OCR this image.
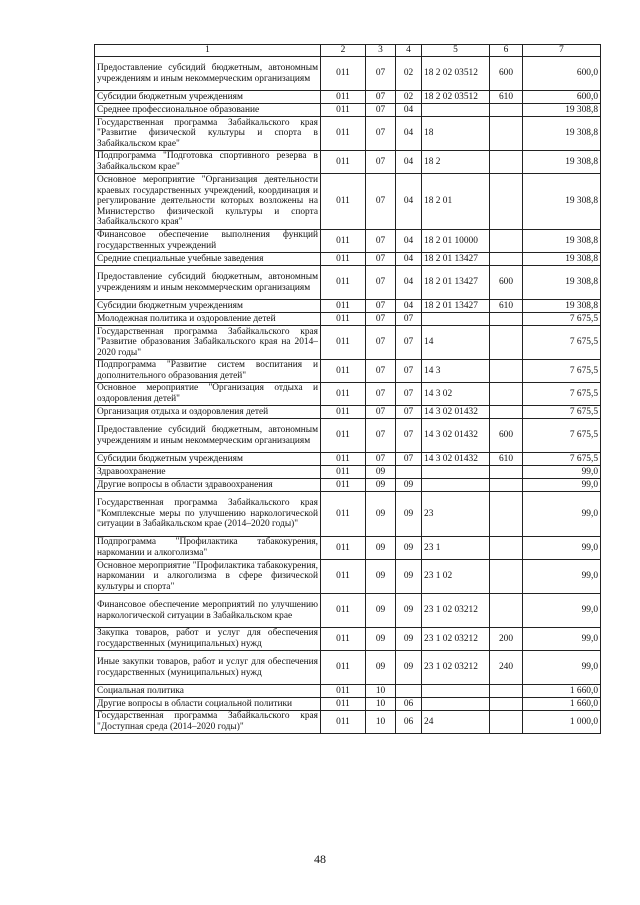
1	2	3	4	5	6	7
Предоставление субсидий бюджетным, автономным учреждениям и иным некоммерческим организациям	011	07	02	18 2 02 03512	600	600,0
Субсидии бюджетным учреждениям	011	07	02	18 2 02 03512	610	600,0
Среднее профессиональное образование	011	07	04			19 308,8
Государственная программа Забайкальского края "Развитие физической культуры и спорта в Забайкальском крае"	011	07	04	18		19 308,8
Подпрограмма "Подготовка спортивного резерва в Забайкальском крае"	011	07	04	18 2		19 308,8
Основное мероприятие "Организация деятельности краевых государственных учреждений, координация и регулирование деятельности которых возложены на Министерство физической культуры и спорта Забайкальского края"	011	07	04	18 2 01		19 308,8
Финансовое обеспечение выполнения функций государственных учреждений	011	07	04	18 2 01 10000		19 308,8
Средние специальные учебные заведения	011	07	04	18 2 01 13427		19 308,8
Предоставление субсидий бюджетным, автономным учреждениям и иным некоммерческим организациям	011	07	04	18 2 01 13427	600	19 308,8
Субсидии бюджетным учреждениям	011	07	04	18 2 01 13427	610	19 308,8
Молодежная политика и оздоровление детей	011	07	07			7 675,5
Государственная программа Забайкальского края "Развитие образования Забайкальского края на 2014–2020 годы"	011	07	07	14		7 675,5
Подпрограмма "Развитие систем воспитания и дополнительного образования детей"	011	07	07	14 3		7 675,5
Основное мероприятие "Организация отдыха и оздоровления детей"	011	07	07	14 3 02		7 675,5
Организация отдыха и оздоровления детей	011	07	07	14 3 02 01432		7 675,5
Предоставление субсидий бюджетным, автономным учреждениям и иным некоммерческим организациям	011	07	07	14 3 02 01432	600	7 675,5
Субсидии бюджетным учреждениям	011	07	07	14 3 02 01432	610	7 675,5
Здравоохранение	011	09				99,0
Другие вопросы в области здравоохранения	011	09	09			99,0
Государственная программа Забайкальского края "Комплексные меры по улучшению наркологической ситуации в Забайкальском крае (2014–2020 годы)"	011	09	09	23		99,0
Подпрограмма "Профилактика табакокурения, наркомании и алкоголизма"	011	09	09	23 1		99,0
Основное мероприятие "Профилактика табакокурения, наркомании и алкоголизма в сфере физической культуры и спорта"	011	09	09	23 1 02		99,0
Финансовое обеспечение мероприятий по улучшению наркологической ситуации в Забайкальском крае	011	09	09	23 1 02 03212		99,0
Закупка товаров, работ и услуг для обеспечения государственных (муниципальных) нужд	011	09	09	23 1 02 03212	200	99,0
Иные закупки товаров, работ и услуг для обеспечения государственных (муниципальных) нужд	011	09	09	23 1 02 03212	240	99,0
Социальная политика	011	10				1 660,0
Другие вопросы в области социальной политики	011	10	06			1 660,0
Государственная программа Забайкальского края "Доступная среда (2014–2020 годы)"	011	10	06	24		1 000,0
48
